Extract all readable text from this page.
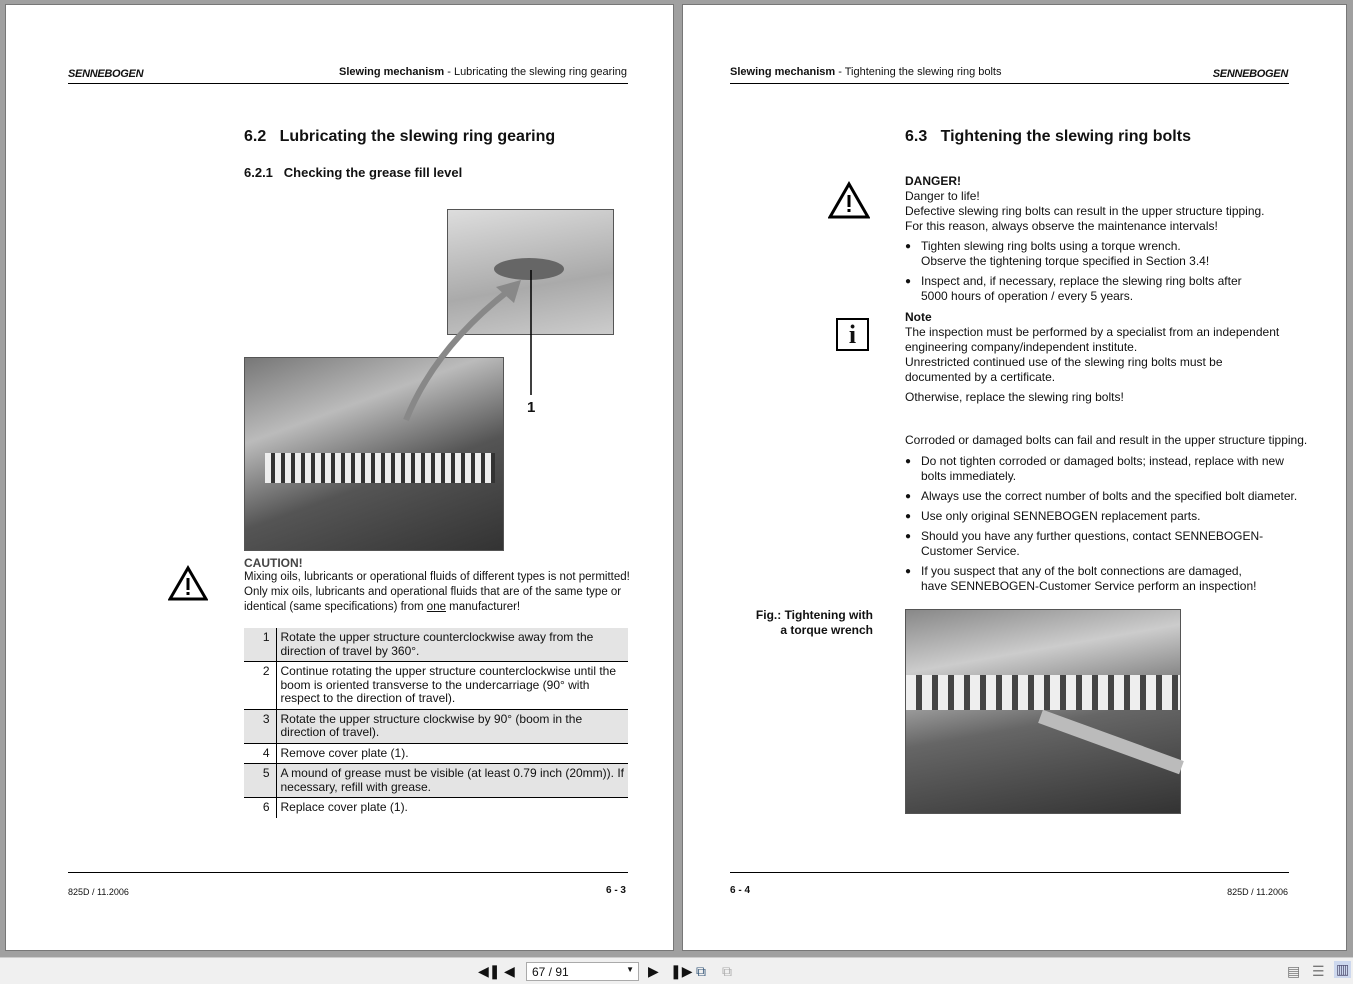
SENNEBOGEN	Slewing mechanism - Lubricating the slewing ring gearing
6.2 Lubricating the slewing ring gearing
6.2.1 Checking the grease fill level
1
CAUTION!
Mixing oils, lubricants or operational fluids of different types is not permitted!
Only mix oils, lubricants and operational fluids that are of the same type or
identical (same specifications) from one manufacturer!
1	Rotate the upper structure counterclockwise away from the direction of travel by 360°.
2	Continue rotating the upper structure counterclockwise until the boom is oriented transverse to the undercarriage (90° with respect to the direction of travel).
3	Rotate the upper structure clockwise by 90° (boom in the direction of travel).
4	Remove cover plate (1).
5	A mound of grease must be visible (at least 0.79 inch (20mm)). If necessary, refill with grease.
6	Replace cover plate (1).
825D / 11.2006	6 - 3
Slewing mechanism - Tightening the slewing ring bolts	SENNEBOGEN
6.3 Tightening the slewing ring bolts
DANGER!
Danger to life!
Defective slewing ring bolts can result in the upper structure tipping.
For this reason, always observe the maintenance intervals!
● Tighten slewing ring bolts using a torque wrench.
Observe the tightening torque specified in Section 3.4!
● Inspect and, if necessary, replace the slewing ring bolts after
5000 hours of operation / every 5 years.
i
Note
The inspection must be performed by a specialist from an independent
engineering company/independent institute.
Unrestricted continued use of the slewing ring bolts must be
documented by a certificate.
Otherwise, replace the slewing ring bolts!
Corroded or damaged bolts can fail and result in the upper structure tipping.
● Do not tighten corroded or damaged bolts; instead, replace with new
bolts immediately.
● Always use the correct number of bolts and the specified bolt diameter.
● Use only original SENNEBOGEN replacement parts.
● Should you have any further questions, contact SENNEBOGEN-
Customer Service.
● If you suspect that any of the bolt connections are damaged,
have SENNEBOGEN-Customer Service perform an inspection!
Fig.: Tightening with
a torque wrench
6 - 4	825D / 11.2006
◀❚ ◀	67 / 91	▼ ▶ ❚▶ ⧉ ⧉	▤ ☰ ▥
